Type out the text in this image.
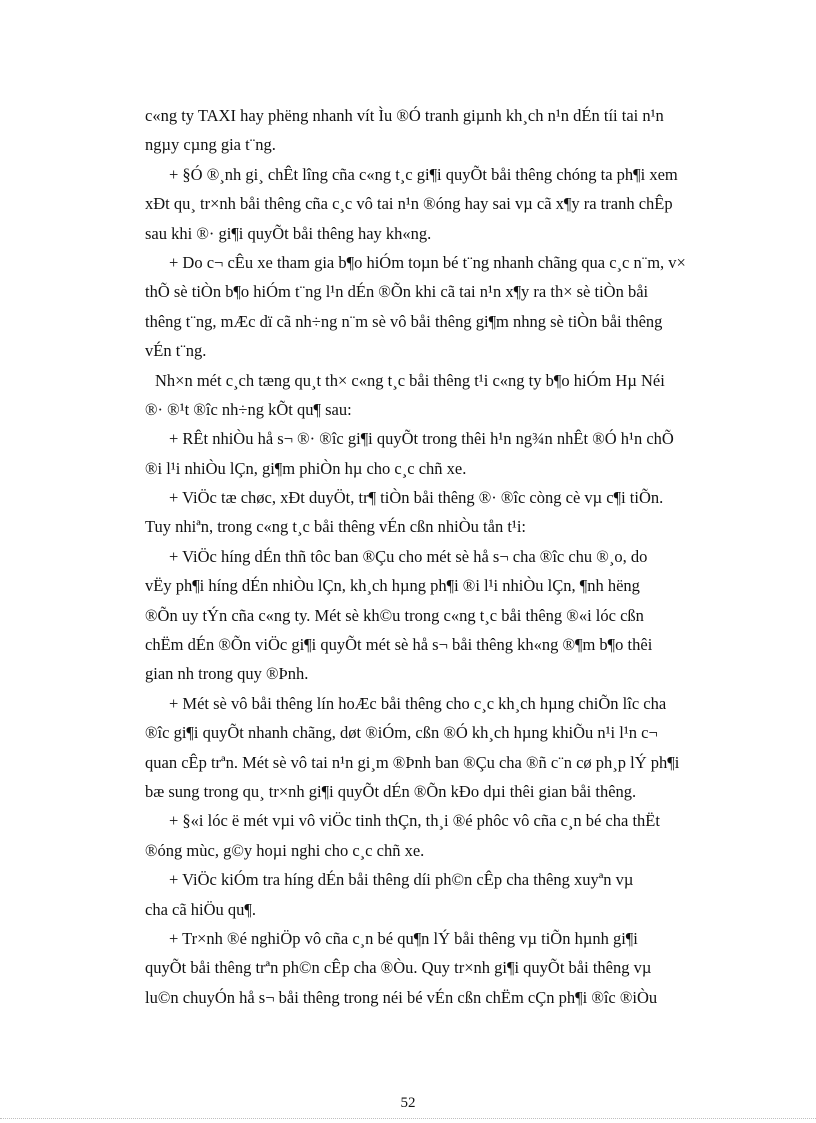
c«ng ty TAXI hay phëng nhanh vít Ìu ®Ó tranh giµnh kh¸ch n¹n dÉn tíi tai n¹n
ngµy cµng gia t¨ng.
+ §Ó ®¸nh gi¸ chÊt lîng cña c«ng t¸c gi¶i quyÕt båi thêng chóng ta ph¶i xem
xÐt qu¸ tr×nh båi thêng cña c¸c vô tai n¹n ®óng hay sai vµ cã x¶y ra tranh chÊp
sau khi ®· gi¶i quyÕt båi thêng hay kh«ng.
+ Do c¬ cÊu xe tham gia b¶o hiÓm toµn bé t¨ng nhanh chãng qua c¸c n¨m, v×
thÕ sè tiÒn b¶o hiÓm t¨ng l¹n dÉn ®Õn khi cã tai n¹n x¶y ra th× sè tiÒn båi
thêng t¨ng, mÆc dï cã nh÷ng n¨m sè vô båi thêng gi¶m nhng sè tiÒn båi thêng
vÉn t¨ng.
Nh×n mét c¸ch tæng qu¸t th× c«ng t¸c båi thêng t¹i c«ng ty b¶o hiÓm Hµ Néi
®· ®¹t ®îc nh÷ng kÕt qu¶ sau:
+ RÊt nhiÒu hå s¬ ®· ®îc gi¶i quyÕt trong thêi h¹n ng¾n nhÊt ®Ó h¹n chÕ
®i l¹i nhiÒu lÇn, gi¶m phiÒn hµ cho c¸c chñ xe.
+ ViÖc tæ chøc, xÐt duyÖt, tr¶ tiÒn båi thêng ®· ®îc còng cè vµ c¶i tiÕn.
Tuy nhiªn, trong c«ng t¸c båi thêng vÉn cßn nhiÒu tån t¹i:
+ ViÖc híng dÉn thñ tôc ban ®Çu cho mét sè hå s¬ cha ®îc chu ®¸o, do
vËy ph¶i híng dÉn nhiÒu lÇn, kh¸ch hµng ph¶i ®i l¹i nhiÒu lÇn, ¶nh hëng
®Õn uy tÝn cña c«ng ty. Mét sè kh©u trong c«ng t¸c båi thêng ®«i lóc cßn
chËm dÉn ®Õn viÖc gi¶i quyÕt mét sè hå s¬ båi thêng kh«ng ®¶m b¶o thêi
gian nh trong quy ®Þnh.
+ Mét sè vô båi thêng lín hoÆc båi thêng cho c¸c kh¸ch hµng chiÕn lîc cha
®îc gi¶i quyÕt nhanh chãng, døt ®iÓm, cßn ®Ó kh¸ch hµng khiÕu n¹i l¹n c¬
quan cÊp trªn. Mét sè vô tai n¹n gi¸m ®Þnh ban ®Çu cha ®ñ c¨n cø ph¸p lÝ ph¶i
bæ sung trong qu¸ tr×nh gi¶i quyÕt dÉn ®Õn kÐo dµi thêi gian båi thêng.
+ §«i lóc ë mét vµi vô viÖc tinh thÇn, th¸i ®é phôc vô cña c¸n bé cha thËt
®óng mùc, g©y hoµi nghi cho c¸c chñ xe.
+ ViÖc kiÓm tra híng dÉn båi thêng díi ph©n cÊp cha thêng xuyªn vµ
cha cã hiÖu qu¶.
+ Tr×nh ®é nghiÖp vô cña c¸n bé qu¶n lÝ båi thêng vµ tiÕn hµnh gi¶i
quyÕt båi thêng trªn ph©n cÊp cha ®Òu. Quy tr×nh gi¶i quyÕt båi thêng vµ
lu©n chuyÓn hå s¬ båi thêng trong néi bé vÉn cßn chËm cÇn ph¶i ®îc ®iÒu
52
